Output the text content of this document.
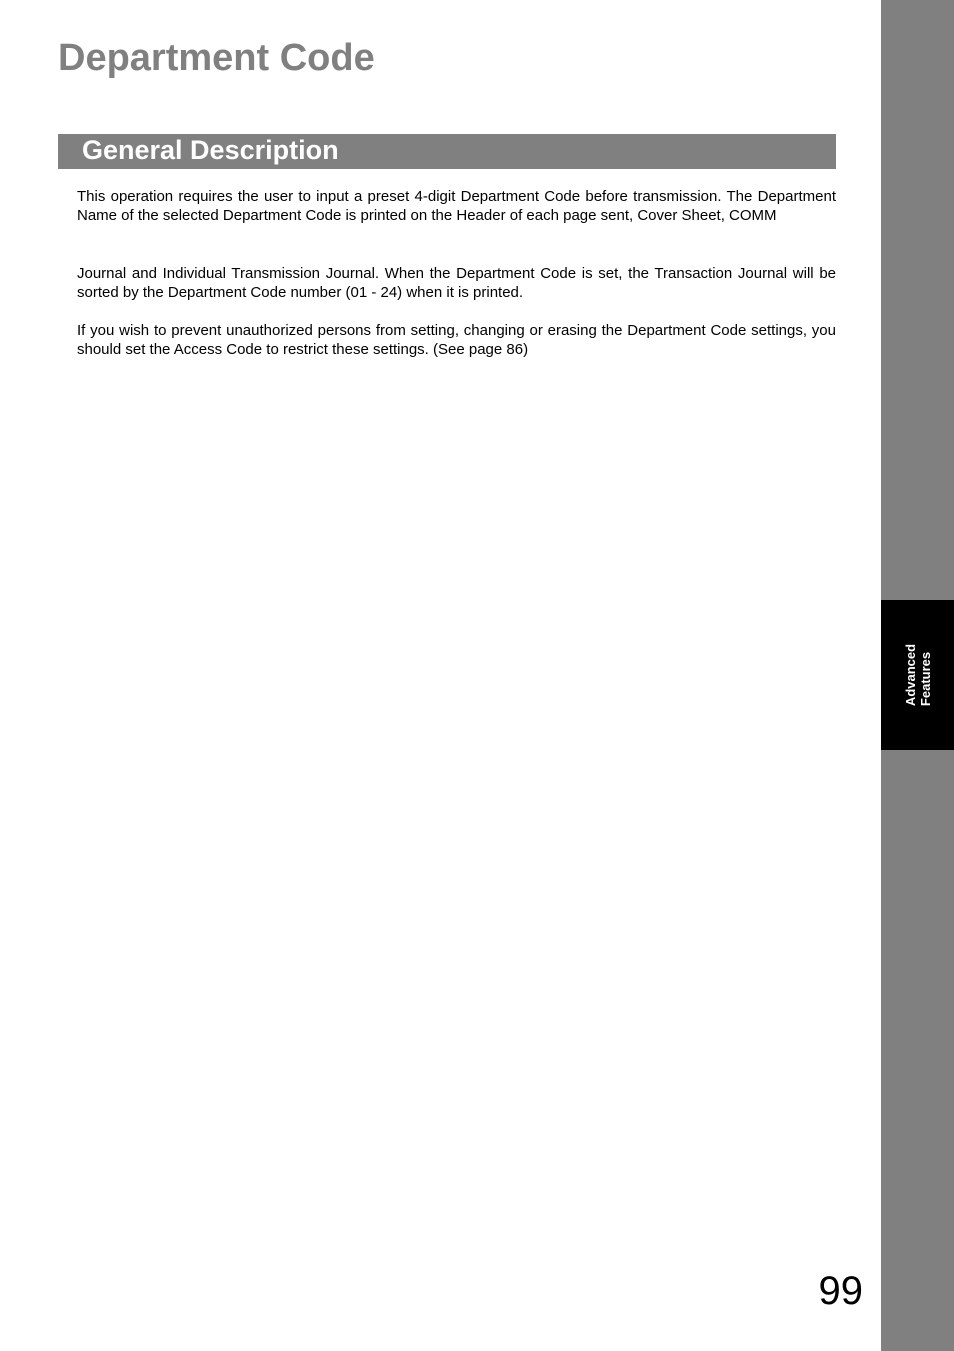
Department Code
General Description

This operation requires the user to input a preset 4-digit Department Code before transmission. The Department Name of the selected Department Code is printed on the Header of each page sent, Cover Sheet, COMM

Journal and Individual Transmission Journal. When the Department Code is set, the Transaction Journal will be sorted by the Department Code number (01 - 24) when it is printed.

If you wish to prevent unauthorized persons from setting, changing or erasing the Department Code settings, you should set the Access Code to restrict these settings. (See page 86)

Advanced Features

99
